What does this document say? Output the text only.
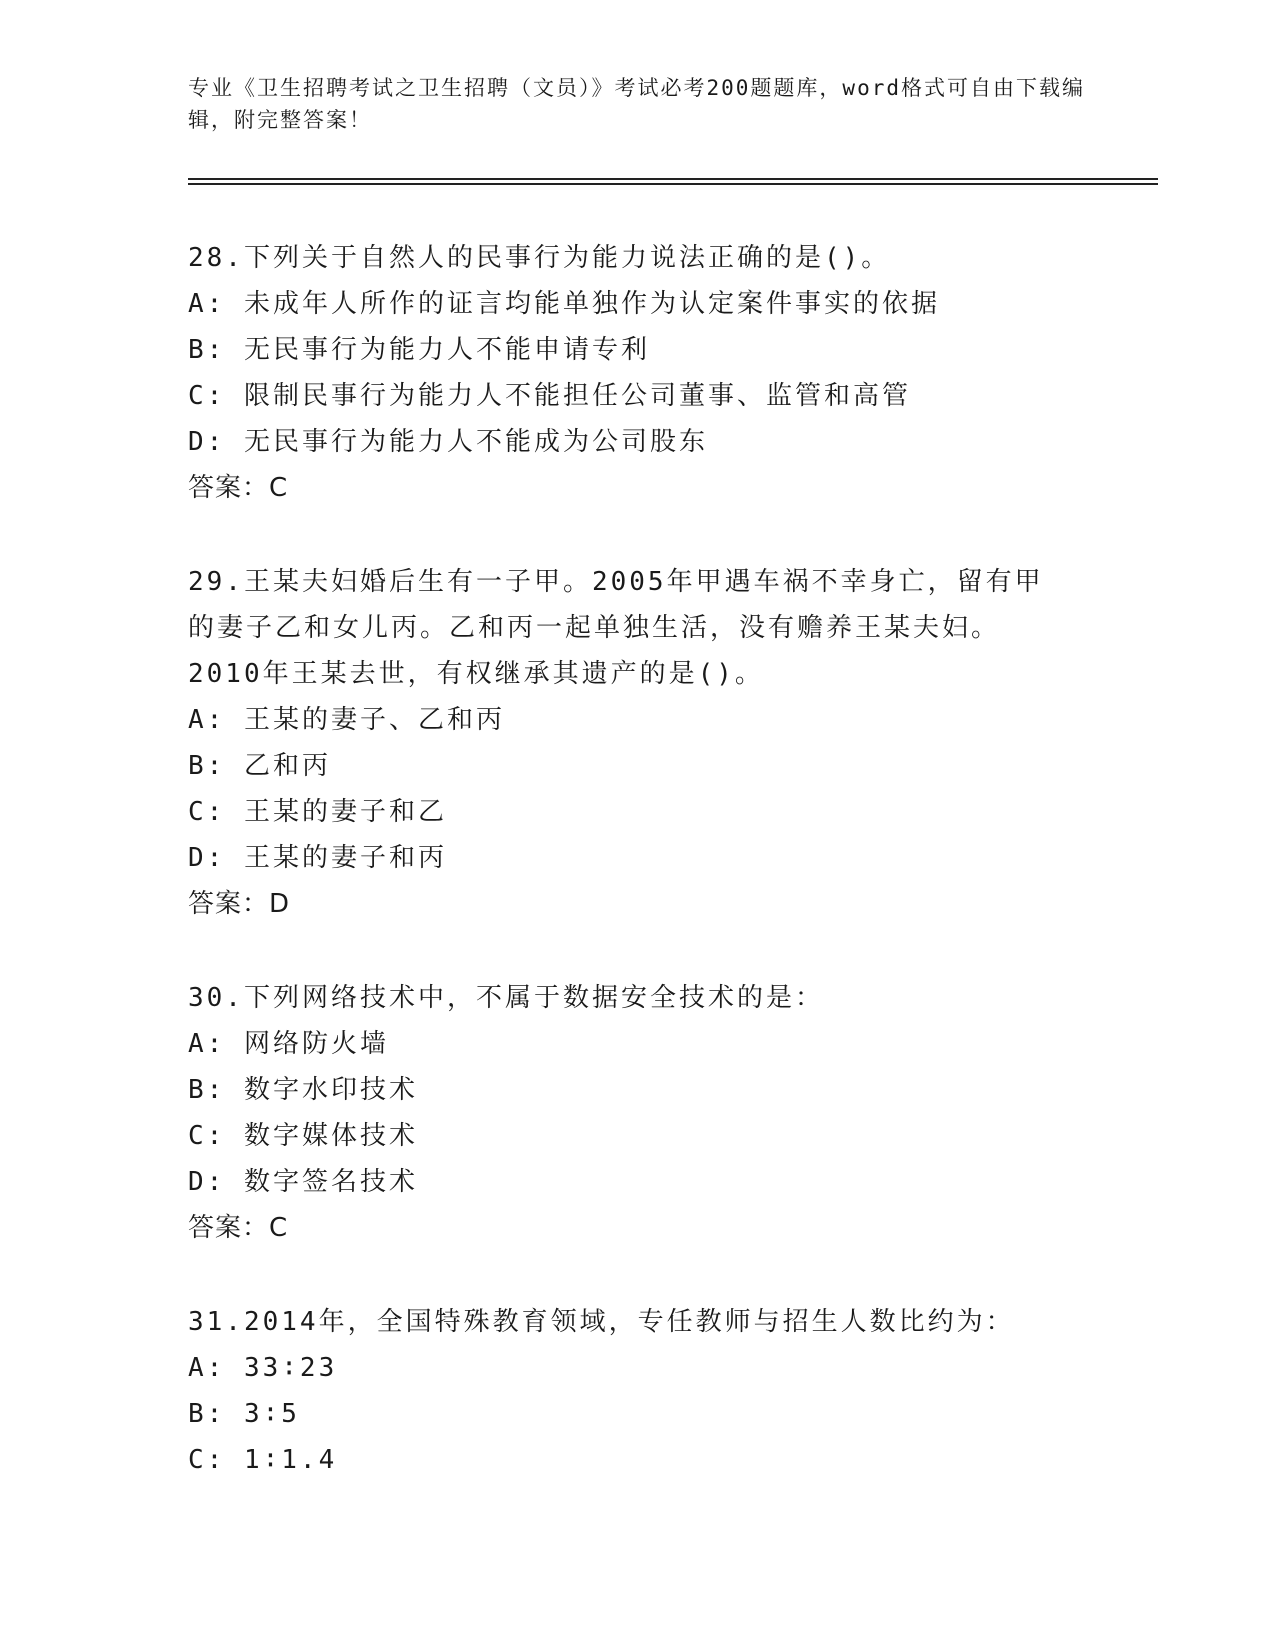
专业《卫生招聘考试之卫生招聘（文员）》考试必考200题题库，word格式可自由下载编辑，附完整答案！

28.下列关于自然人的民事行为能力说法正确的是()。

A: 未成年人所作的证言均能单独作为认定案件事实的依据

B: 无民事行为能力人不能申请专利

C: 限制民事行为能力人不能担任公司董事、监管和高管

D: 无民事行为能力人不能成为公司股东

答案：C

29.王某夫妇婚后生有一子甲。2005年甲遇车祸不幸身亡，留有甲的妻子乙和女儿丙。乙和丙一起单独生活，没有赡养王某夫妇。2010年王某去世，有权继承其遗产的是()。

A: 王某的妻子、乙和丙

B: 乙和丙

C: 王某的妻子和乙

D: 王某的妻子和丙

答案：D

30.下列网络技术中，不属于数据安全技术的是：

A: 网络防火墙

B: 数字水印技术

C: 数字媒体技术

D: 数字签名技术

答案：C

31.2014年，全国特殊教育领域，专任教师与招生人数比约为：

A: 33∶23

B: 3∶5

C: 1∶1.4
